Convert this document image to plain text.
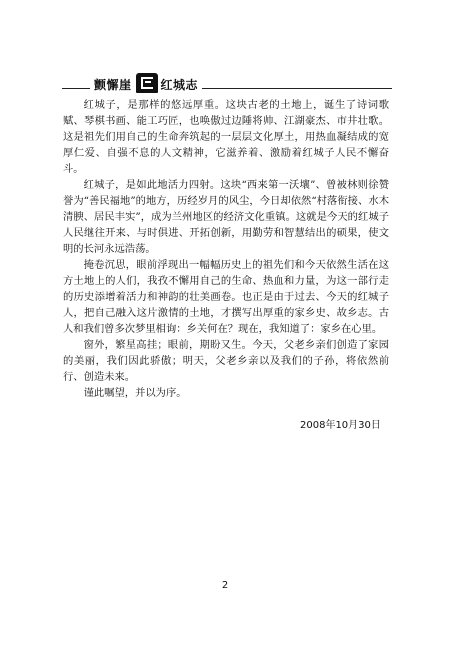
颤懈崖 红城志

红城子，是那样的悠远厚重。这块古老的土地上，诞生了诗词歌赋、琴棋书画、能工巧匠，也唤傲过边陲将帅、江湖豪杰、市井壮歌。这是祖先们用自己的生命奔筑起的一层层文化厚土，用热血凝结成的宽厚仁爱、自强不息的人文精神，它滋养着、激励着红城子人民不懈奋斗。

红城子，是如此地活力四射。这块“西来第一沃壤”、曾被林则徐赞誉为“善民福地”的地方，历经岁月的风尘，今日却依然“村落衔接、水木清腴、居民丰实”，成为兰州地区的经济文化重镇。这就是今天的红城子人民继往开来、与时俱进、开拓创新，用勤劳和智慧结出的硕果，使文明的长河永远浩荡。

掩卷沉思，眼前浮现出一幅幅历史上的祖先们和今天依然生活在这方土地上的人们，我孜不懈用自己的生命、热血和力量，为这一部行走的历史添增着活力和神韵的壮美画卷。也正是由于过去、今天的红城子人，把自己融入这片激情的土地，才撰写出厚重的家乡史、故乡志。古人和我们曾多次梦里相询：乡关何在？现在，我知道了：家乡在心里。

窗外，繁星高挂；眼前，期盼又生。今天，父老乡亲们创造了家园的美丽，我们因此骄傲；明天，父老乡亲以及我们的子孙，将依然前行、创造未来。

谨此嘱望，并以为序。

2008年10月30日
2
